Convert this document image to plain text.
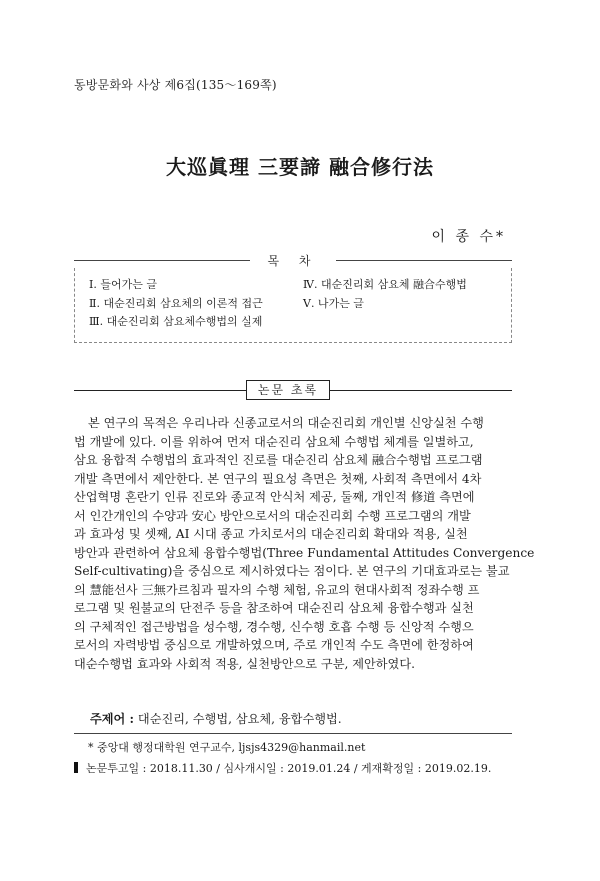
동방문화와 사상 제6집(135～169쪽)
大巡眞理 三要諦 融合修行法
이 종 수*
목 차
Ⅰ. 들어가는 글
Ⅱ. 대순진리회 삼요체의 이론적 접근
Ⅲ. 대순진리회 삼요체수행법의 실제
Ⅳ. 대순진리회 삼요체 融合수행법
Ⅴ. 나가는 글
논문 초록
본 연구의 목적은 우리나라 신종교로서의 대순진리회 개인별 신앙실천 수행
법 개발에 있다. 이를 위하여 먼저 대순진리 삼요체 수행법 체계를 일별하고,
삼요 융합적 수행법의 효과적인 진로를 대순진리 삼요체 融合수행법 프로그램
개발 측면에서 제안한다. 본 연구의 필요성 측면은 첫째, 사회적 측면에서 4차
산업혁명 혼란기 인류 진로와 종교적 안식처 제공, 둘째, 개인적 修道 측면에
서 인간개인의 수양과 安心 방안으로서의 대순진리회 수행 프로그램의 개발
과 효과성 및 셋째, AI 시대 종교 가치로서의 대순진리회 확대와 적용, 실천
방안과 관련하여 삼요체 융합수행법(Three Fundamental Attitudes Convergence
Self-cultivating)을 중심으로 제시하였다는 점이다. 본 연구의 기대효과로는 불교
의 慧能선사 三無가르침과 필자의 수행 체험, 유교의 현대사회적 정좌수행 프
로그램 및 원불교의 단전주 등을 참조하여 대순진리 삼요체 융합수행과 실천
의 구체적인 접근방법을 성수행, 경수행, 신수행 호흡 수행 등 신앙적 수행으
로서의 자력방법 중심으로 개발하였으며, 주로 개인적 수도 측면에 한정하여
대순수행법 효과와 사회적 적용, 실천방안으로 구분, 제안하였다.
주제어 : 대순진리, 수행법, 삼요체, 융합수행법.
* 중앙대 행정대학원 연구교수, ljsjs4329@hanmail.net
논문투고일 : 2018.11.30 / 심사개시일 : 2019.01.24 / 게재확정일 : 2019.02.19.
